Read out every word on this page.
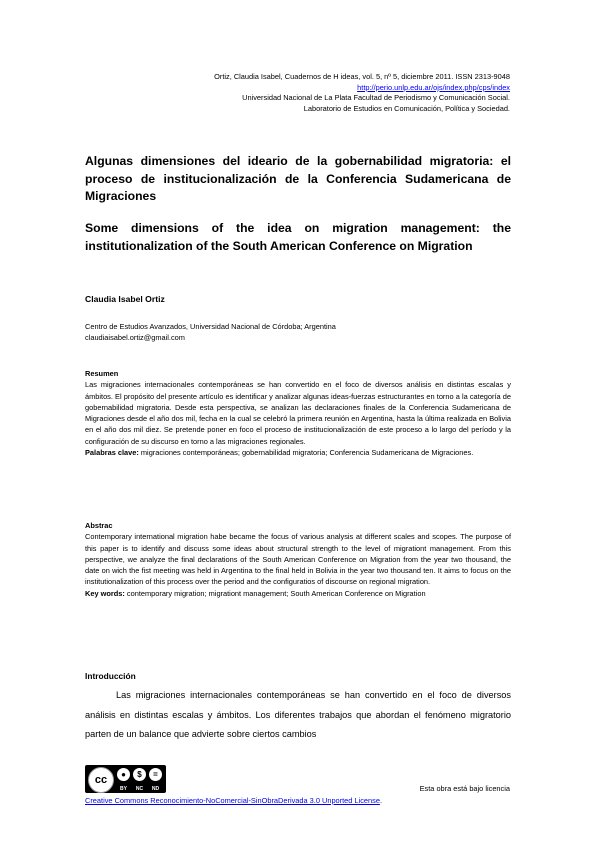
Ortiz, Claudia Isabel, Cuadernos de H ideas, vol. 5, nº 5, diciembre 2011. ISSN 2313-9048
http://perio.unlp.edu.ar/ojs/index.php/cps/index
Universidad Nacional de La Plata Facultad de Periodismo y Comunicación Social.
Laboratorio de Estudios en Comunicación, Política y Sociedad.
Algunas dimensiones del ideario de la gobernabilidad migratoria: el proceso de institucionalización de la Conferencia Sudamericana de Migraciones
Some dimensions of the idea on migration management: the institutionalization of the South American Conference on Migration
Claudia Isabel Ortiz
Centro de Estudios Avanzados, Universidad Nacional de Córdoba; Argentina
claudiaisabel.ortiz@gmail.com
Resumen
Las migraciones internacionales contemporáneas se han convertido en el foco de diversos análisis en distintas escalas y ámbitos. El propósito del presente artículo es identificar y analizar algunas ideas-fuerzas estructurantes en torno a la categoría de gobernabilidad migratoria. Desde esta perspectiva, se analizan las declaraciones finales de la Conferencia Sudamericana de Migraciones desde el año dos mil, fecha en la cual se celebró la primera reunión en Argentina, hasta la última realizada en Bolivia en el año dos mil diez. Se pretende poner en foco el proceso de institucionalización de este proceso a lo largo del período y la configuración de su discurso en torno a las migraciones regionales.
Palabras clave: migraciones contemporáneas; gobernabilidad migratoria; Conferencia Sudamericana de Migraciones.
Abstrac
Contemporary international migration habe became the focus of various analysis at different scales and scopes. The purpose of this paper is to identify and discuss some ideas about structural strength to the level of migrationt management. From this perspective, we analyze the final declarations of the South American Conference on Migration from the year two thousand, the date on wich the fist meeting was held in Argentina to the final held in Bolivia in the year two thousand ten. It aims to focus on the institutionalization of this process over the period and the configuratios of discourse on regional migration.
Key words: contemporary migration; migrationt management; South American Conference on Migration
Introducción
Las migraciones internacionales contemporáneas se han convertido en el foco de diversos análisis en distintas escalas y ámbitos. Los diferentes trabajos que abordan el fenómeno migratorio parten de un balance que advierte sobre ciertos cambios
cc	●	$	=
BY	NC	ND	Esta obra está bajo licencia
Creative Commons Reconocimiento-NoComercial-SinObraDerivada 3.0 Unported License.
